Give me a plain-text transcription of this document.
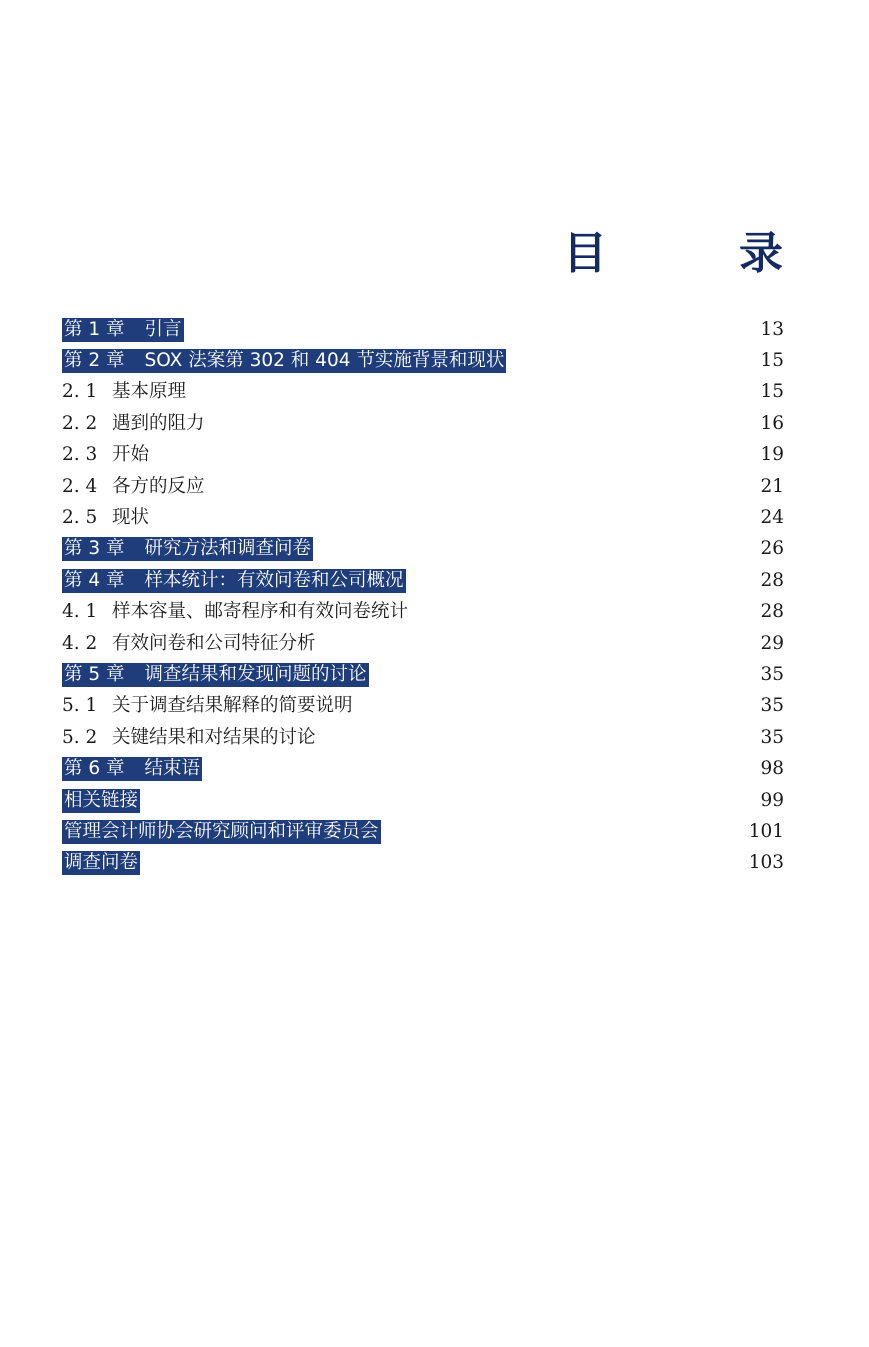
目　录
第 1 章 引言	13
第 2 章 SOX 法案第 302 和 404 节实施背景和现状	15
2. 1 基本原理	15
2. 2 遇到的阻力	16
2. 3 开始	19
2. 4 各方的反应	21
2. 5 现状	24
第 3 章 研究方法和调查问卷	26
第 4 章 样本统计：有效问卷和公司概况	28
4. 1 样本容量、邮寄程序和有效问卷统计	28
4. 2 有效问卷和公司特征分析	29
第 5 章 调查结果和发现问题的讨论	35
5. 1 关于调查结果解释的简要说明	35
5. 2 关键结果和对结果的讨论	35
第 6 章 结束语	98
相关链接	99
管理会计师协会研究顾问和评审委员会	101
调查问卷	103
